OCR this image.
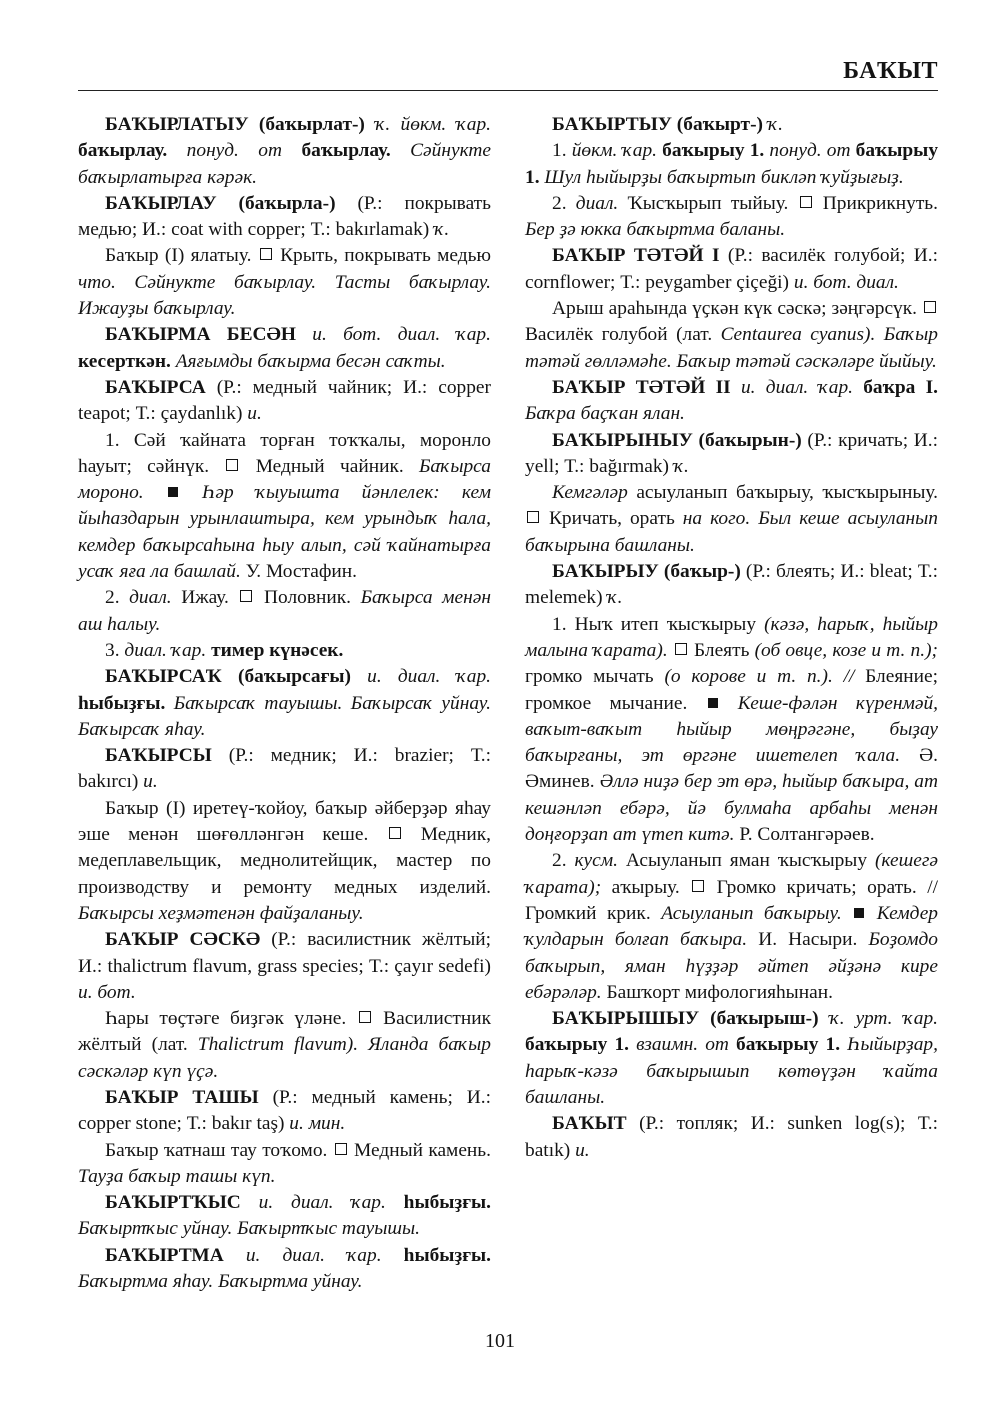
БАҠЫТ

БАҠЫРЛАТЫУ (баҡырлат-) ҡ. йөкм. ҡар. баҡырлау. понуд. от баҡырлау. Сәйнукте баҡырлатырға кәрәк.

БАҠЫРЛАУ (баҡырла-) (Р.: покрывать медью; И.: coat with copper; Т.: bakırlamak) ҡ.

Баҡыр (I) ялатыу.  Крыть, покрывать медью что. Сәйнукте баҡырлау. Тасты баҡырлау. Ижауҙы баҡырлау.

БАҠЫРМА БЕСӘН и. бот. диал. ҡар. кесерткән. Аяғымды баҡырма бесән саҡты.

БАҠЫРСА (Р.: медный чайник; И.: copper teapot; Т.: çaydanlık) и.

1. Сәй ҡайната торған тоҡҡалы, моронло һауыт; сәйнүк.  Медный чайник. Баҡырса мороно.  Һәр ҡыуышта йәнлелек: кем йыһаздарын урынлаштыра, кем урындыҡ һала, кемдер баҡырсаһына һыу алып, сәй ҡайнатырға усаҡ яға ла башлай. У. Мостафин.

2. диал. Ижау.  Половник. Баҡырса менән аш һалыу.

3. диал. ҡар. тимер күнәсек.

БАҠЫРСАҠ (баҡырсағы) и. диал. ҡар. һыбыҙғы. Баҡырсаҡ тауышы. Баҡырсаҡ уйнау. Баҡырсаҡ яһау.

БАҠЫРСЫ (Р.: медник; И.: brazier; Т.: bakırcı) и.

Баҡыр (I) иретеү-ҡойоу, баҡыр әйберҙәр яһау эше менән шөғөлләнгән кеше.  Медник, медеплавельщик, меднолитейщик, мастер по производству и ремонту медных изделий. Баҡырсы хеҙмәтенән файҙаланыу.

БАҠЫР СӘСКӘ (Р.: василистник жёлтый; И.: thalictrum flavum, grass species; Т.: çayır sedefi) и. бот.

Һары төҫтәге биҙгәк үләне.  Василистник жёлтый (лат. Thalictrum flavum). Яланда баҡыр сәскәләр күп үҫә.

БАҠЫР ТАШЫ (Р.: медный камень; И.: copper stone; Т.: bakır taş) и. мин.

Баҡыр ҡатнаш тау тоҡомо.  Медный камень. Тауҙа баҡыр ташы күп.

БАҠЫРТҠЫС и. диал. ҡар. һыбыҙғы. Баҡыртҡыс уйнау. Баҡыртҡыс тауышы.

БАҠЫРТМА и. диал. ҡар. һыбыҙғы. Баҡыртма яһау. Баҡыртма уйнау.

БАҠЫРТЫУ (баҡырт-) ҡ.

1. йөкм. ҡар. баҡырыу 1. понуд. от баҡырыу 1. Шул һыйырҙы баҡыртып бикләп ҡуйҙығыҙ.

2. диал. Ҡысҡырып тыйыу.  Прикрикнуть. Бер ҙә юкка баҡыртма баланы.

БАҠЫР ТӘТӘЙ I (Р.: василёк голубой; И.: cornflower; Т.: peygamber çiçeği) и. бот. диал.

Арыш араһында үҫкән күк сәскә; зәңгәрсүк.  Василёк голубой (лат. Centaurea cyanus). Баҡыр тәтәй гөлләмәһе. Баҡыр тәтәй сәскәләре йыйыу.

БАҠЫР ТӘТӘЙ II и. диал. ҡар. баҡра I. Баҡра баҫҡан ялан.

БАҠЫРЫНЫУ (баҡырын-) (Р.: кричать; И.: yell; Т.: bağırmak) ҡ.

Кемгәләр асыуланып баҡырыу, ҡысҡырыныу.  Кричать, орать на кого. Был кеше асыуланып баҡырына башланы.

БАҠЫРЫУ (баҡыр-) (Р.: блеять; И.: bleat; Т.: melemek) ҡ.

1. Ныҡ итеп ҡысҡырыу (кәзә, һарыҡ, һыйыр малына ҡарата).  Блеять (об овце, козе и т. п.); громко мычать (о корове и т. п.). // Блеяние; громкое мычание.  Кеше-фәлән күренмәй, ваҡыт-ваҡыт һыйыр мөңрәгәне, быҙау баҡырғаны, эт өргәне ишетелеп ҡала. Ә. Әминев. Әллә ниҙә бер эт өрә, һыйыр баҡыра, ат кешәнләп ебәрә, йә булмаһа арбаһы менән доңғорҙап ат үтеп китә. Р. Солтангәрәев.

2. кусм. Асыуланып яман ҡысҡырыу (кешегә ҡарата); аҡырыу.  Громко кричать; орать. // Громкий крик. Асыуланып баҡырыу.  Кемдер ҡулдарын болғап баҡыра. И. Насыри. Боҙомдо баҡырып, яман һүҙҙәр әйтеп әйҙәнә кире ебәрәләр. Башҡорт мифологияһынан.

БАҠЫРЫШЫУ (баҡырыш-) ҡ. урт. ҡар. баҡырыу 1. взаимн. от баҡырыу 1. Һыйырҙар, һарыҡ-кәзә баҡырышып көтөүҙән ҡайта башланы.

БАҠЫТ (Р.: топляк; И.: sunken log(s); Т.: batık) и.

101
